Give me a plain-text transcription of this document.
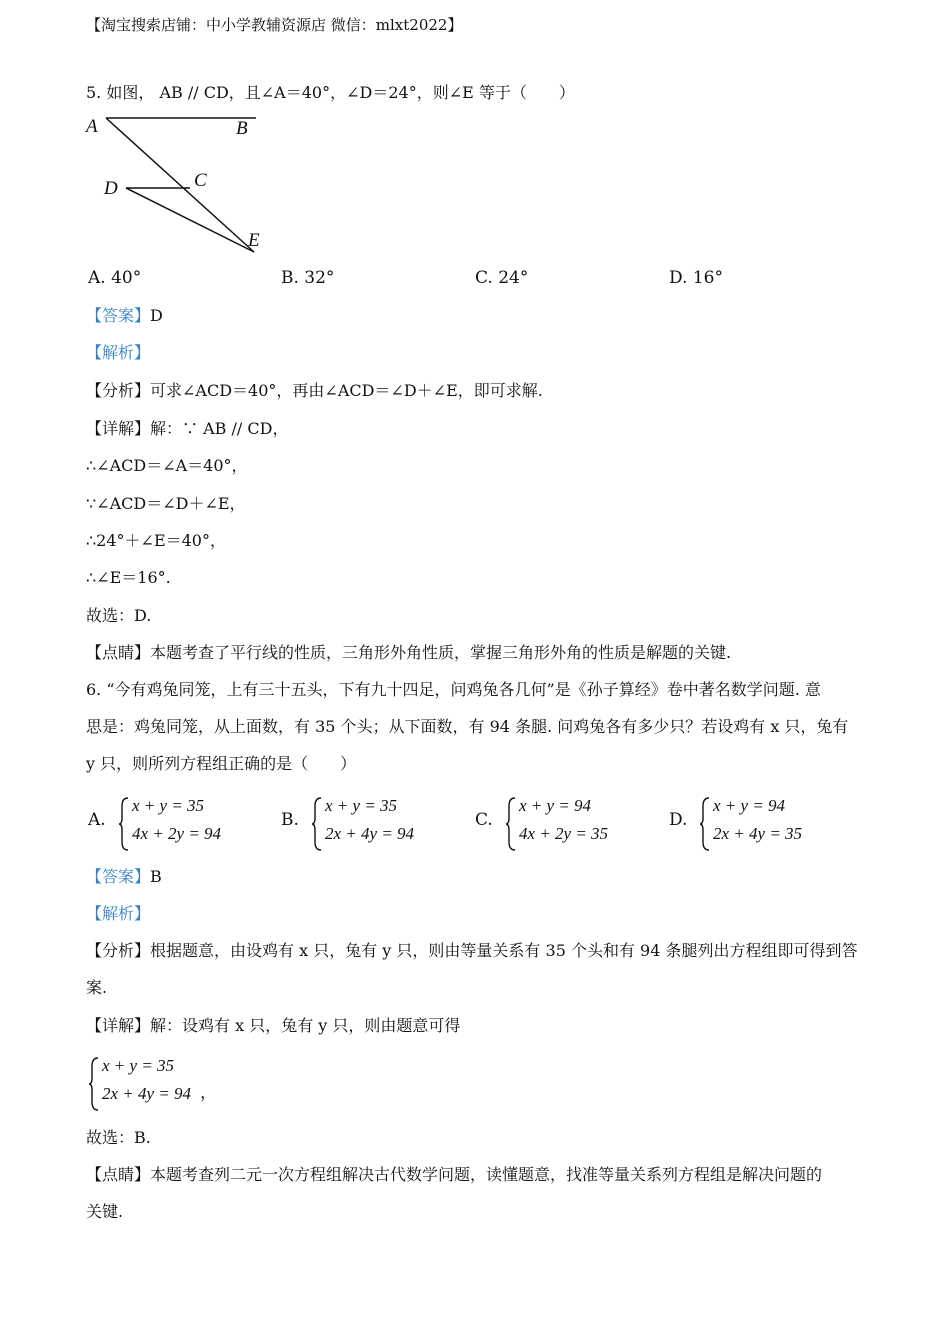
【淘宝搜索店铺：中小学教辅资源店 微信：mlxt2022】
5. 如图， AB // CD，且∠A＝40°，∠D＝24°，则∠E 等于（　　）
A	B
C
D
E
A. 40°	B. 32°	C. 24°	D. 16°
【答案】D
【解析】
【分析】可求∠ACD＝40°，再由∠ACD＝∠D＋∠E，即可求解.
【详解】解：∵ AB // CD，
∴∠ACD＝∠A＝40°，
∵∠ACD＝∠D＋∠E，
∴24°＋∠E＝40°，
∴∠E＝16°.
故选：D.
【点睛】本题考查了平行线的性质，三角形外角性质，掌握三角形外角的性质是解题的关键.
6. “今有鸡兔同笼，上有三十五头，下有九十四足，问鸡兔各几何”是《孙子算经》卷中著名数学问题. 意
思是：鸡兔同笼，从上面数，有 35 个头；从下面数，有 94 条腿. 问鸡兔各有多少只？若设鸡有 x 只，兔有
y 只，则所列方程组正确的是（　　）
A.
x + y = 35
4x + 2y = 94
B.
x + y = 35
2x + 4y = 94
C.
x + y = 94
4x + 2y = 35
D.
x + y = 94
2x + 4y = 35
【答案】B
【解析】
【分析】根据题意，由设鸡有 x 只，兔有 y 只，则由等量关系有 35 个头和有 94 条腿列出方程组即可得到答
案.
【详解】解：设鸡有 x 只，兔有 y 只，则由题意可得
x + y = 35
2x + 4y = 94 ，
故选：B.
【点睛】本题考查列二元一次方程组解决古代数学问题，读懂题意，找准等量关系列方程组是解决问题的
关键.
